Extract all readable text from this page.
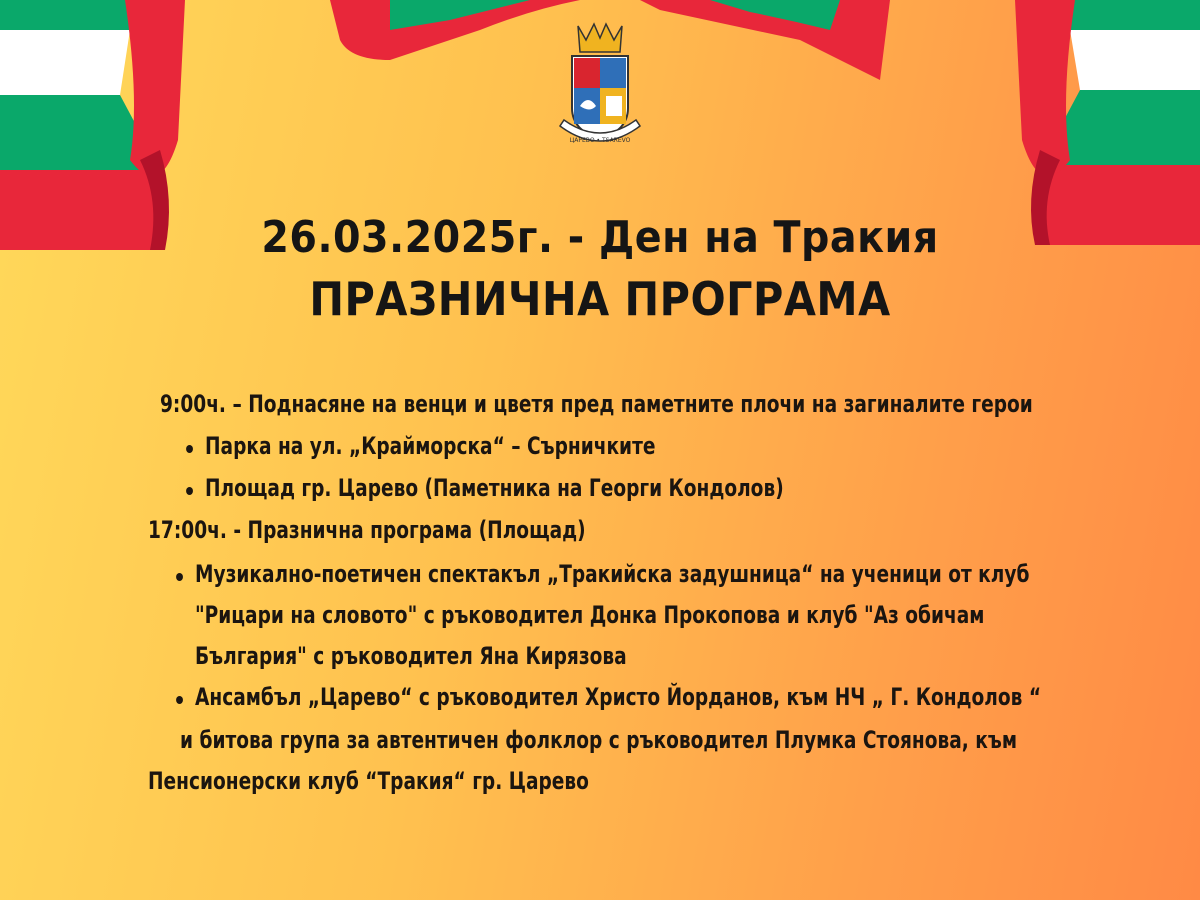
ЦАРЕВО • TSAREVO
26.03.2025г. - Ден на Тракия
ПРАЗНИЧНА ПРОГРАМА
9:00ч. – Поднасяне на венци и цветя пред паметните плочи на загиналите герои
Парка на ул. „Крайморска“ – Сърничките
Площад гр. Царево (Паметника на Георги Кондолов)
17:00ч. - Празнична програма (Площад)
Музикално-поетичен спектакъл „Тракийска задушница“ на ученици от клуб
"Рицари на словото" с ръководител Донка Прокопова и клуб "Аз обичам
България" с ръководител Яна Кирязова
Ансамбъл „Царево“ с ръководител Христо Йорданов, към НЧ „ Г. Кондолов “
и битова група за автентичен фолклор с ръководител Плумка Стоянова, към
Пенсионерски клуб “Тракия“ гр. Царево
